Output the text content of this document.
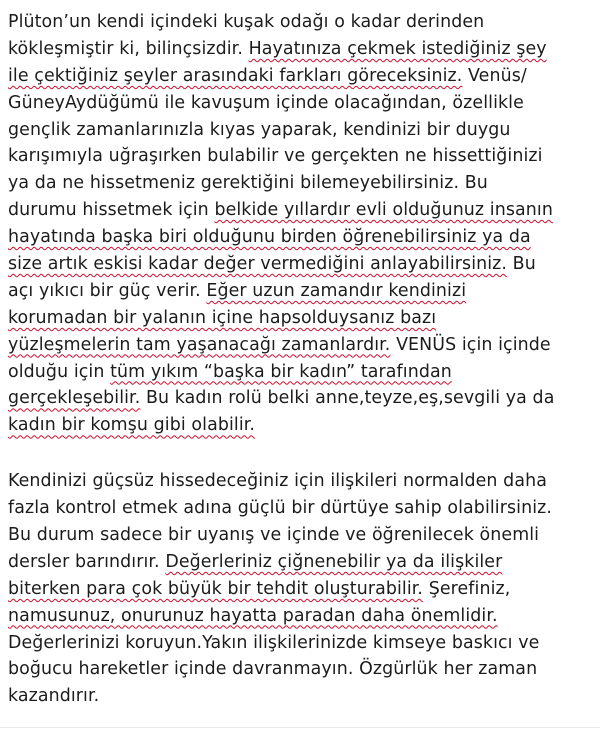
Plüton’un kendi içindeki kuşak odağı o kadar derinden
kökleşmiştir ki, bilinçsizdir. Hayatınıza çekmek istediğiniz şey
ile çektiğiniz şeyler arasındaki farkları göreceksiniz. Venüs/
GüneyAydüğümü ile kavuşum içinde olacağından, özellikle
gençlik zamanlarınızla kıyas yaparak, kendinizi bir duygu
karışımıyla uğraşırken bulabilir ve gerçekten ne hissettiğinizi
ya da ne hissetmeniz gerektiğini bilemeyebilirsiniz. Bu
durumu hissetmek için belkide yıllardır evli olduğunuz insanın
hayatında başka biri olduğunu birden öğrenebilirsiniz ya da
size artık eskisi kadar değer vermediğini anlayabilirsiniz. Bu
açı yıkıcı bir güç verir. Eğer uzun zamandır kendinizi
korumadan bir yalanın içine hapsolduysanız bazı
yüzleşmelerin tam yaşanacağı zamanlardır. VENÜS için içinde
olduğu için tüm yıkım “başka bir kadın” tarafından
gerçekleşebilir. Bu kadın rolü belki anne,teyze,eş,sevgili ya da
kadın bir komşu gibi olabilir.
Kendinizi güçsüz hissedeceğiniz için ilişkileri normalden daha
fazla kontrol etmek adına güçlü bir dürtüye sahip olabilirsiniz.
Bu durum sadece bir uyanış ve içinde ve öğrenilecek önemli
dersler barındırır. Değerleriniz çiğnenebilir ya da ilişkiler
biterken para çok büyük bir tehdit oluşturabilir. Şerefiniz,
namusunuz, onurunuz hayatta paradan daha önemlidir.
Değerlerinizi koruyun.Yakın ilişkilerinizde kimseye baskıcı ve
boğucu hareketler içinde davranmayın. Özgürlük her zaman
kazandırır.
